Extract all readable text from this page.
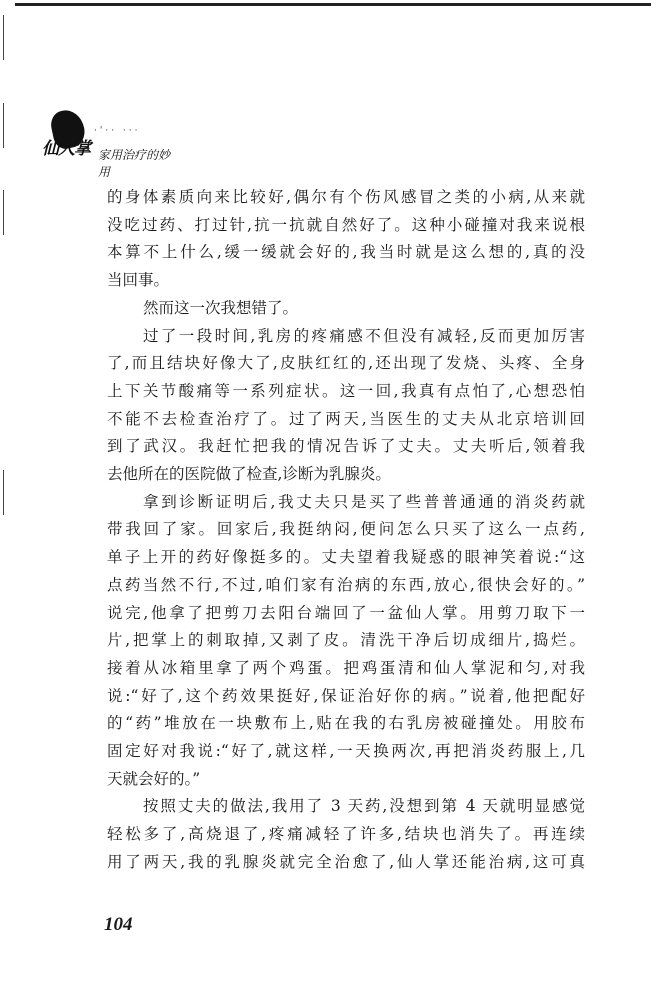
·'·· ···
仙人掌 家用治疗的妙用
的身体素质向来比较好,偶尔有个伤风感冒之类的小病,从来就
没吃过药、打过针,抗一抗就自然好了。这种小碰撞对我来说根
本算不上什么,缓一缓就会好的,我当时就是这么想的,真的没
当回事。
然而这一次我想错了。
过了一段时间,乳房的疼痛感不但没有减轻,反而更加厉害
了,而且结块好像大了,皮肤红红的,还出现了发烧、头疼、全身
上下关节酸痛等一系列症状。这一回,我真有点怕了,心想恐怕
不能不去检查治疗了。过了两天,当医生的丈夫从北京培训回
到了武汉。我赶忙把我的情况告诉了丈夫。丈夫听后,领着我
去他所在的医院做了检查,诊断为乳腺炎。
拿到诊断证明后,我丈夫只是买了些普普通通的消炎药就
带我回了家。回家后,我挺纳闷,便问怎么只买了这么一点药,
单子上开的药好像挺多的。丈夫望着我疑惑的眼神笑着说:“这
点药当然不行,不过,咱们家有治病的东西,放心,很快会好的。”
说完,他拿了把剪刀去阳台端回了一盆仙人掌。用剪刀取下一
片,把掌上的刺取掉,又剥了皮。清洗干净后切成细片,捣烂。
接着从冰箱里拿了两个鸡蛋。把鸡蛋清和仙人掌泥和匀,对我
说:“好了,这个药效果挺好,保证治好你的病。”说着,他把配好
的“药”堆放在一块敷布上,贴在我的右乳房被碰撞处。用胶布
固定好对我说:“好了,就这样,一天换两次,再把消炎药服上,几
天就会好的。”
按照丈夫的做法,我用了 3 天药,没想到第 4 天就明显感觉
轻松多了,高烧退了,疼痛减轻了许多,结块也消失了。再连续
用了两天,我的乳腺炎就完全治愈了,仙人掌还能治病,这可真
104
